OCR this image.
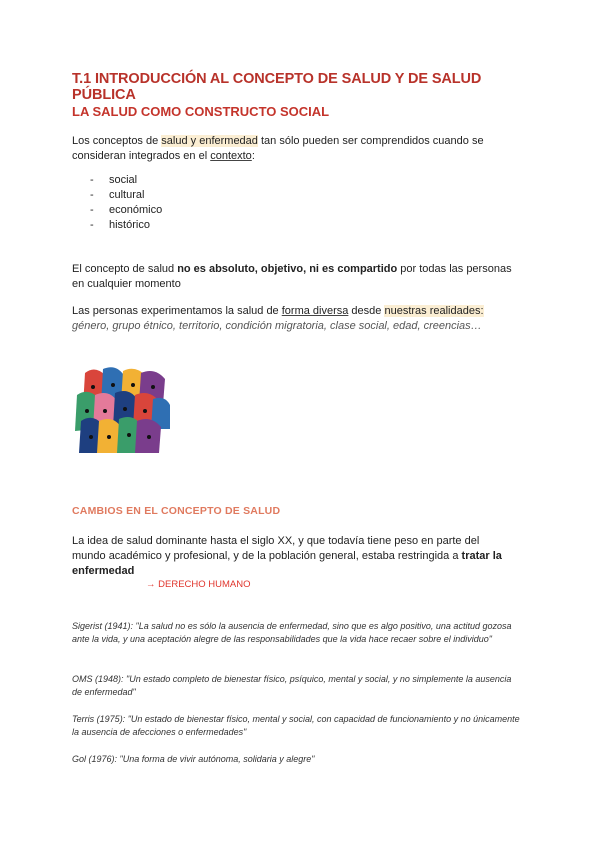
T.1 INTRODUCCIÓN AL CONCEPTO DE SALUD Y DE SALUD PÚBLICA
LA SALUD COMO CONSTRUCTO SOCIAL
Los conceptos de salud y enfermedad tan sólo pueden ser comprendidos cuando se consideran integrados en el contexto:
- social
- cultural
- económico
- histórico
El concepto de salud no es absoluto, objetivo, ni es compartido por todas las personas en cualquier momento
Las personas experimentamos la salud de forma diversa desde nuestras realidades:
género, grupo étnico, territorio, condición migratoria, clase social, edad, creencias…
CAMBIOS EN EL CONCEPTO DE SALUD
La idea de salud dominante hasta el siglo XX, y que todavía tiene peso en parte del mundo académico y profesional, y de la población general, estaba restringida a tratar la enfermedad
→ DERECHO HUMANO
Sigerist (1941): "La salud no es sólo la ausencia de enfermedad, sino que es algo positivo, una actitud gozosa ante la vida, y una aceptación alegre de las responsabilidades que la vida hace recaer sobre el individuo"
OMS (1948): "Un estado completo de bienestar físico, psíquico, mental y social, y no simplemente la ausencia de enfermedad"
Terris (1975): "Un estado de bienestar físico, mental y social, con capacidad de funcionamiento y no únicamente la ausencia de afecciones o enfermedades"
Gol (1976): "Una forma de vivir autónoma, solidaria y alegre"
